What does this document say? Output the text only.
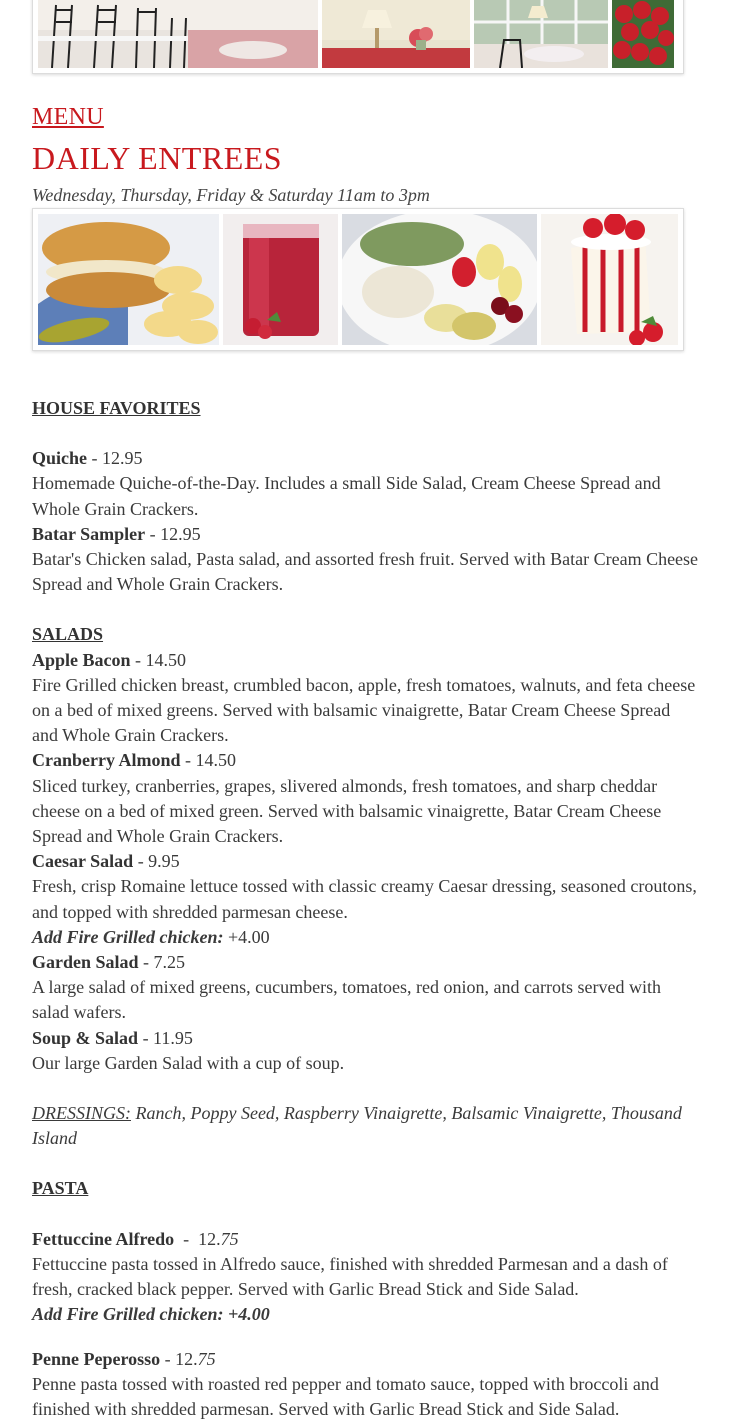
MENU
DAILY ENTREES
Wednesday, Thursday, Friday & Saturday 11am to 3pm

HOUSE FAVORITES

Quiche - 12.95

Homemade Quiche-of-the-Day. Includes a small Side Salad, Cream Cheese Spread and Whole Grain Crackers.

Batar Sampler - 12.95

Batar's Chicken salad, Pasta salad, and assorted fresh fruit. Served with Batar Cream Cheese Spread and Whole Grain Crackers.

SALADS

Apple Bacon - 14.50

Fire Grilled chicken breast, crumbled bacon, apple, fresh tomatoes, walnuts, and feta cheese on a bed of mixed greens. Served with balsamic vinaigrette, Batar Cream Cheese Spread and Whole Grain Crackers.

Cranberry Almond - 14.50

Sliced turkey, cranberries, grapes, slivered almonds, fresh tomatoes, and sharp cheddar cheese on a bed of mixed green. Served with balsamic vinaigrette, Batar Cream Cheese Spread and Whole Grain Crackers.

Caesar Salad - 9.95

Fresh, crisp Romaine lettuce tossed with classic creamy Caesar dressing, seasoned croutons, and topped with shredded parmesan cheese.

Add Fire Grilled chicken: +4.00

Garden Salad - 7.25

A large salad of mixed greens, cucumbers, tomatoes, red onion, and carrots served with salad wafers.

Soup & Salad - 11.95

Our large Garden Salad with a cup of soup.

DRESSINGS: Ranch, Poppy Seed, Raspberry Vinaigrette, Balsamic Vinaigrette, Thousand Island

PASTA

Fettuccine Alfredo  -  12.75

Fettuccine pasta tossed in Alfredo sauce, finished with shredded Parmesan and a dash of fresh, cracked black pepper. Served with Garlic Bread Stick and Side Salad.

Add Fire Grilled chicken: +4.00

Penne Peperosso - 12.75

Penne pasta tossed with roasted red pepper and tomato sauce, topped with broccoli and finished with shredded parmesan. Served with Garlic Bread Stick and Side Salad.
